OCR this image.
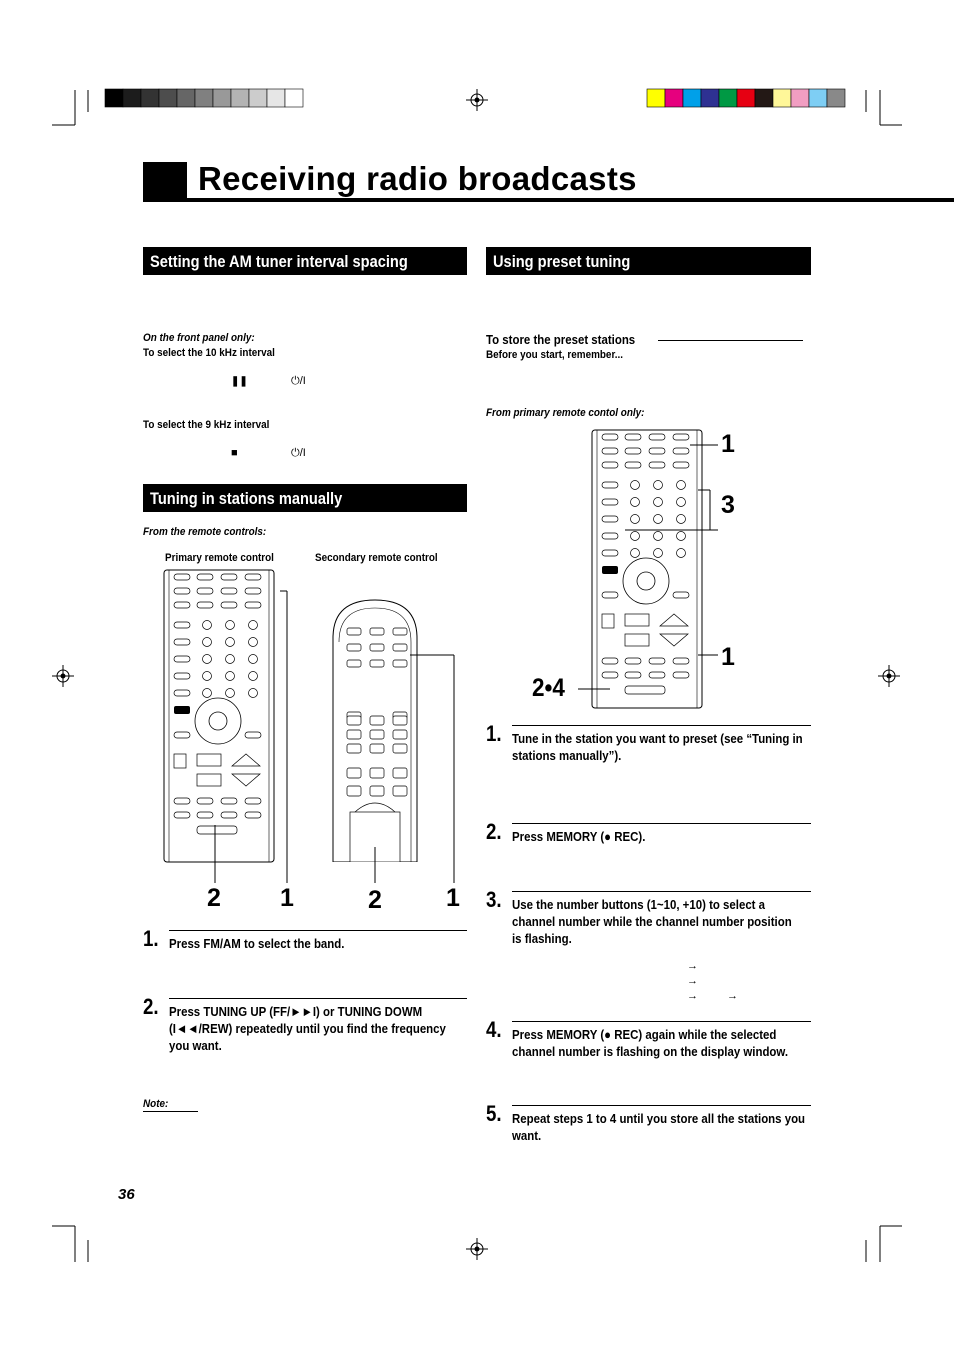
Receiving radio broadcasts
Setting the AM tuner interval spacing
On the front panel only:
To select the 10 kHz interval
❚❚	⏻/I
To select the 9 kHz interval
■	⏻/I
Tuning in stations manually
From the remote controls:
Primary remote control	Secondary remote control
2 1	2	1
1. Press FM/AM to select the band.
2. Press TUNING UP (FF/►►I) or TUNING DOWM (I◄◄/REW) repeatedly until you find the frequency you want.
Note:
Using preset tuning
To store the preset stations
Before you start, remember...
From primary remote contol only:
1
3
1
2•4
1. Tune in the station you want to preset (see “Tuning in stations manually”).
2. Press MEMORY (● REC).
3. Use the number buttons (1~10, +10) to select a channel number while the channel number position is flashing.
→
→
→	→
4. Press MEMORY (● REC) again while the selected channel number is flashing on the display window.
5. Repeat steps 1 to 4 until you store all the stations you want.
36
